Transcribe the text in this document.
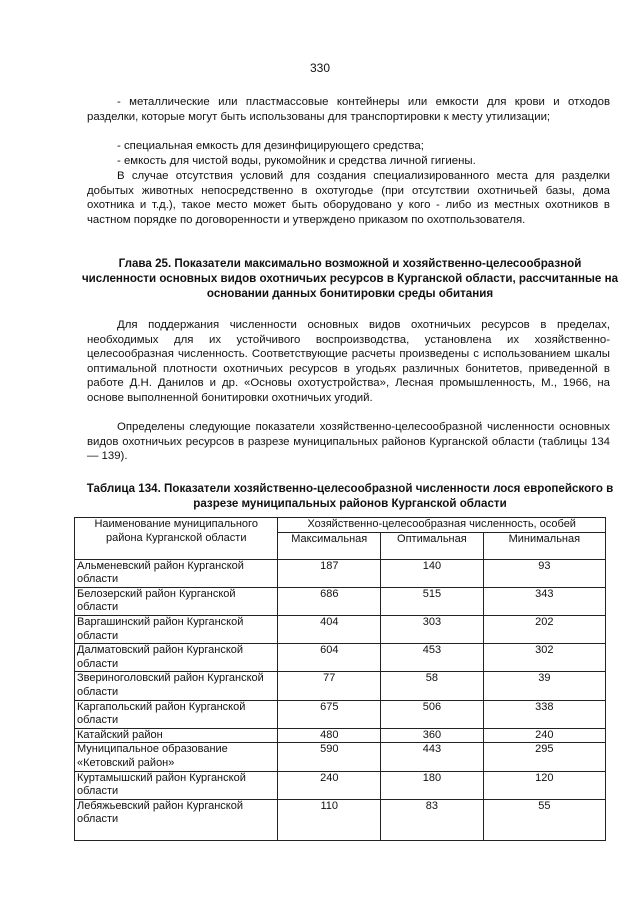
330
- металлические или пластмассовые контейнеры или емкости для крови и отходов разделки, которые могут быть использованы для транспортировки к месту утилизации;
- специальная емкость для дезинфицирующего средства;
- емкость для чистой воды, рукомойник и средства личной гигиены.
В случае отсутствия условий для создания специализированного места для разделки добытых животных непосредственно в охотугодье (при отсутствии охотничьей базы, дома охотника и т.д.), такое место может быть оборудовано у кого - либо из местных охотников в частном порядке по договоренности и утверждено приказом по охотпользователя.
Глава 25. Показатели максимально возможной и хозяйственно-целесообразной численности основных видов охотничьих ресурсов в Курганской области, рассчитанные на основании данных бонитировки среды обитания
Для поддержания численности основных видов охотничьих ресурсов в пределах, необходимых для их устойчивого воспроизводства, установлена их хозяйственно-целесообразная численность. Соответствующие расчеты произведены с использованием шкалы оптимальной плотности охотничьих ресурсов в угодьях различных бонитетов, приведенной в работе Д.Н. Данилов и др. «Основы охотустройства», Лесная промышленность, М., 1966, на основе выполненной бонитировки охотничьих угодий.
Определены следующие показатели хозяйственно-целесообразной численности основных видов охотничьих ресурсов в разрезе муниципальных районов Курганской области (таблицы 134 — 139).
Таблица 134. Показатели хозяйственно-целесообразной численности лося европейского в разрезе муниципальных районов Курганской области
Наименование муниципального района Курганской области	Хозяйственно-целесообразная численность, особей		
	Максимальная	Оптимальная	Минимальная
Альменевский район Курганской области	187	140	93
Белозерский район Курганской области	686	515	343
Варгашинский район Курганской области	404	303	202
Далматовский район Курганской области	604	453	302
Звериноголовский район Курганской области	77	58	39
Каргапольский район Курганской области	675	506	338
Катайский район	480	360	240
Муниципальное образование «Кетовский район»	590	443	295
Куртамышский район Курганской области	240	180	120
Лебяжьевский район Курганской области	110	83	55
